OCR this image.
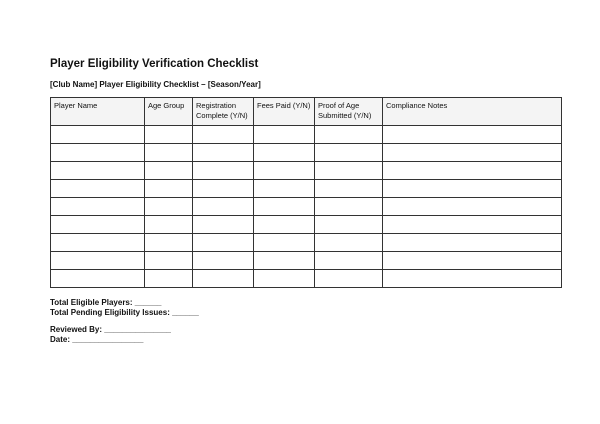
Player Eligibility Verification Checklist
[Club Name] Player Eligibility Checklist – [Season/Year]
Player Name	Age Group	Registration Complete (Y/N)	Fees Paid (Y/N)	Proof of Age Submitted (Y/N)	Compliance Notes

Total Eligible Players: ______
Total Pending Eligibility Issues: ______
Reviewed By: _______________
Date: ________________
